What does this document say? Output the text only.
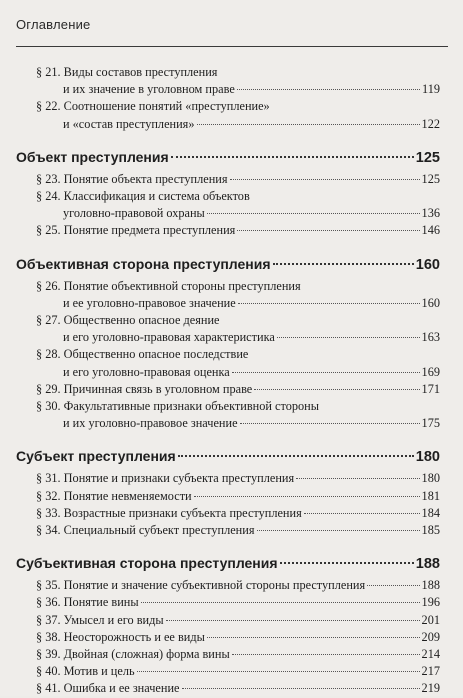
Оглавление
§ 21.
Виды составов преступления
и их значение в уголовном праве	119
§ 22.
Соотношение понятий «преступление»
и «состав преступления»	122
Объект преступления	125
§ 23.
Понятие объекта преступления	125
§ 24.
Классификация и система объектов
уголовно-правовой охраны	136
§ 25.
Понятие предмета преступления	146
Объективная сторона преступления	160
§ 26.
Понятие объективной стороны преступления
и ее уголовно-правовое значение	160
§ 27.
Общественно опасное деяние
и его уголовно-правовая характеристика	163
§ 28.
Общественно опасное последствие
и его уголовно-правовая оценка	169
§ 29.
Причинная связь в уголовном праве	171
§ 30.
Факультативные признаки объективной стороны
и их уголовно-правовое значение	175
Субъект преступления	180
§ 31.
Понятие и признаки субъекта преступления	180
§ 32.
Понятие невменяемости	181
§ 33.
Возрастные признаки субъекта преступления	184
§ 34.
Специальный субъект преступления	185
Субъективная сторона преступления	188
§ 35.
Понятие и значение субъективной стороны преступления	188
§ 36.
Понятие вины	196
§ 37.
Умысел и его виды	201
§ 38.
Неосторожность и ее виды	209
§ 39.
Двойная (сложная) форма вины	214
§ 40.
Мотив и цель	217
§ 41.
Ошибка и ее значение	219
